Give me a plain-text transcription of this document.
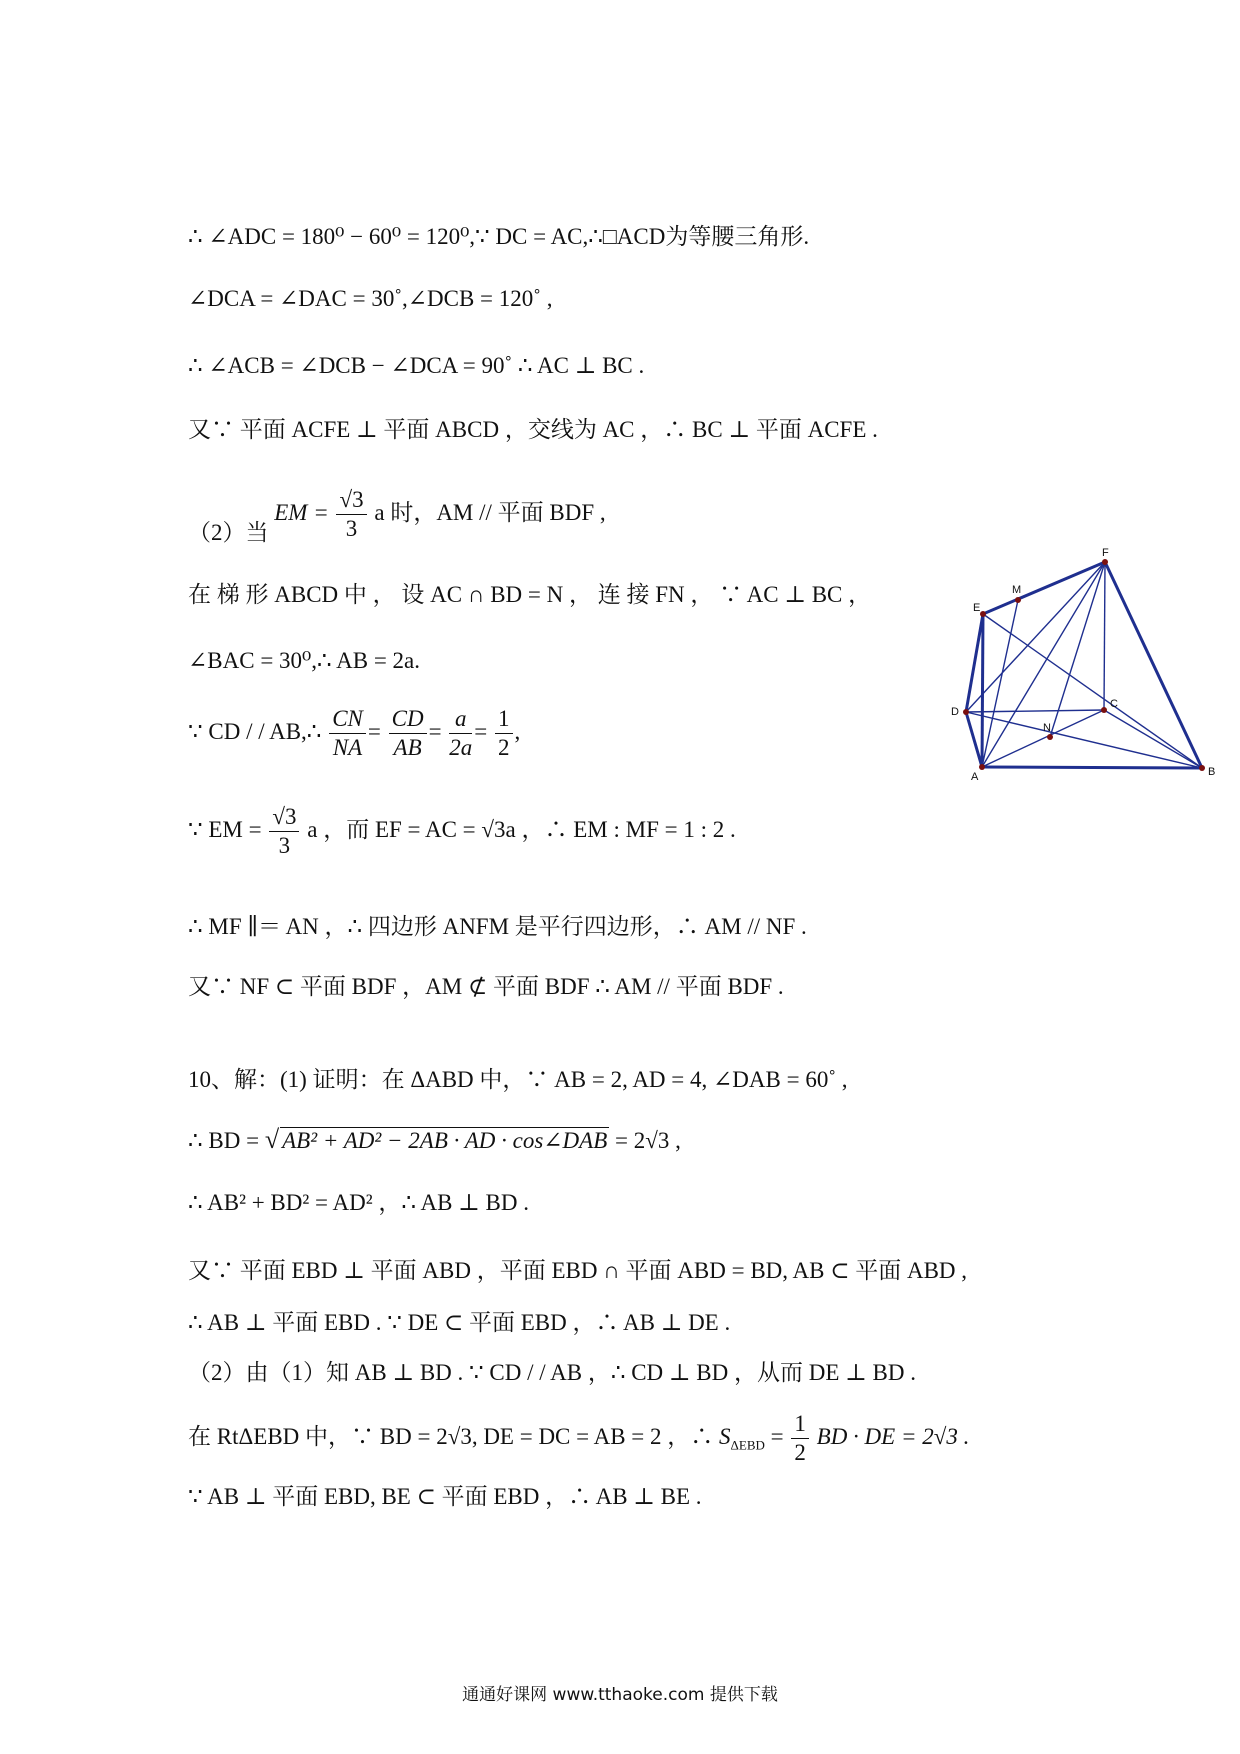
∴ ∠ADC = 180⁰ − 60⁰ = 120⁰,∵ DC = AC,∴□ACD为等腰三角形.
∠DCA = ∠DAC = 30˚,∠DCB = 120˚ ,
∴ ∠ACB = ∠DCB − ∠DCA = 90˚ ∴ AC ⊥ BC .
又∵ 平面 ACFE ⊥ 平面 ABCD ，交线为 AC ，∴ BC ⊥ 平面 ACFE .
（2）当 EM = $\frac{√3}{3}$ a 时，AM // 平面 BDF ,
在 梯 形 ABCD 中 ， 设 AC ∩ BD = N ， 连 接 FN ， ∵ AC ⊥ BC ，
∠BAC = 30⁰,∴ AB = 2a.
∵ CD / / AB,∴ $\frac{CN}{NA} = \frac{CD}{AB} = \frac{a}{2a} = \frac{1}{2}$ ,
∵ EM = $\frac{√3}{3}$ a ，而 EF = AC = √3a ，∴ EM : MF = 1 : 2 .
∴ MF ∥＝ AN ，∴ 四边形 ANFM 是平行四边形，∴ AM // NF .
又∵ NF ⊂ 平面 BDF ，AM ⊄ 平面 BDF ∴ AM // 平面 BDF .
10、解：(1) 证明：在 ΔABD 中，∵ AB = 2, AD = 4, ∠DAB = 60˚ ,
∴ BD = √ AB² + AD² − 2AB · AD · cos∠DAB = 2√3 ,
∴ AB² + BD² = AD² ，∴ AB ⊥ BD .
又∵ 平面 EBD ⊥ 平面 ABD ，平面 EBD ∩ 平面 ABD = BD, AB ⊂ 平面 ABD ,
∴ AB ⊥ 平面 EBD . ∵ DE ⊂ 平面 EBD ，∴ AB ⊥ DE .
（2）由（1）知 AB ⊥ BD . ∵ CD / / AB ，∴ CD ⊥ BD ，从而 DE ⊥ BD .
在 RtΔEBD 中，∵ BD = 2√3, DE = DC = AB = 2 ，∴ $S_{\Delta EBD} = \frac{1}{2}$ BD · DE = 2√3 .
∵ AB ⊥ 平面 EBD, BE ⊂ 平面 EBD ，∴ AB ⊥ BE .
A	B
C
D
E
F
M
N
通通好课网 www.tthaoke.com 提供下载
